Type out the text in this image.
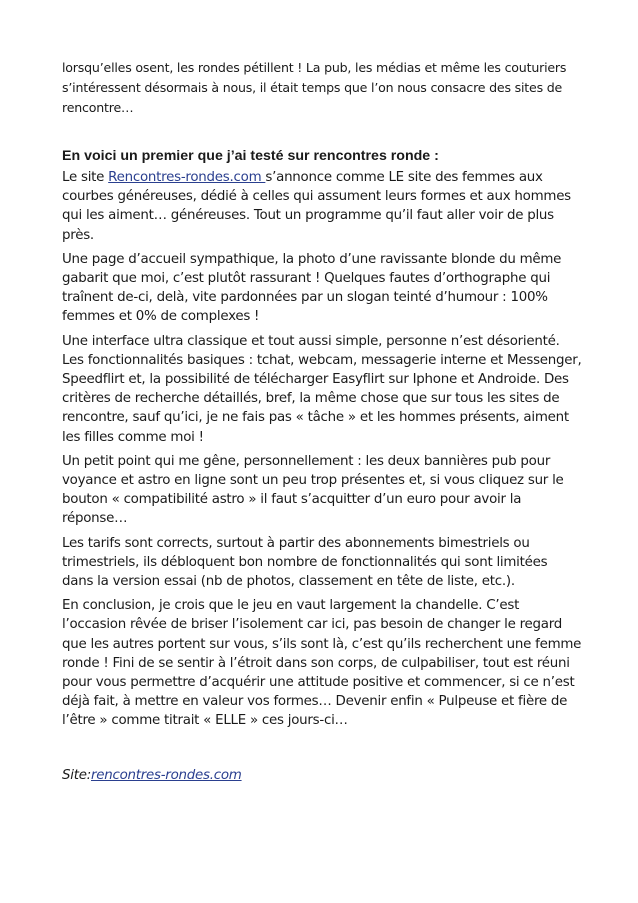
lorsqu’elles osent, les rondes pétillent ! La pub, les médias et même les couturiers s’intéressent désormais à nous, il était temps que l’on nous consacre des sites de rencontre…

En voici un premier que j’ai testé sur rencontres ronde :

Le site Rencontres-rondes.com s’annonce comme LE site des femmes aux courbes généreuses, dédié à celles qui assument leurs formes et aux hommes qui les aiment… généreuses. Tout un programme qu’il faut aller voir de plus près.

Une page d’accueil sympathique, la photo d’une ravissante blonde du même gabarit que moi, c’est plutôt rassurant ! Quelques fautes d’orthographe qui traînent de-ci, delà, vite pardonnées par un slogan teinté d’humour : 100% femmes et 0% de complexes !

Une interface ultra classique et tout aussi simple, personne n’est désorienté. Les fonctionnalités basiques : tchat, webcam, messagerie interne et Messenger, Speedflirt et, la possibilité de télécharger Easyflirt sur Iphone et Androide. Des critères de recherche détaillés, bref, la même chose que sur tous les sites de rencontre, sauf qu’ici, je ne fais pas « tâche » et les hommes présents, aiment les filles comme moi !

Un petit point qui me gêne, personnellement : les deux bannières pub pour voyance et astro en ligne sont un peu trop présentes et, si vous cliquez sur le bouton « compatibilité astro » il faut s’acquitter d’un euro pour avoir la réponse…

Les tarifs sont corrects, surtout à partir des abonnements bimestriels ou trimestriels, ils débloquent bon nombre de fonctionnalités qui sont limitées dans la version essai (nb de photos, classement en tête de liste, etc.).

En conclusion, je crois que le jeu en vaut largement la chandelle. C’est l’occasion rêvée de briser l’isolement car ici, pas besoin de changer le regard que les autres portent sur vous, s’ils sont là, c’est qu’ils recherchent une femme ronde ! Fini de se sentir à l’étroit dans son corps, de culpabiliser, tout est réuni pour vous permettre d’acquérir une attitude positive et commencer, si ce n’est déjà fait, à mettre en valeur vos formes… Devenir enfin « Pulpeuse et fière de l’être » comme titrait « ELLE » ces jours-ci…

Site:rencontres-rondes.com
